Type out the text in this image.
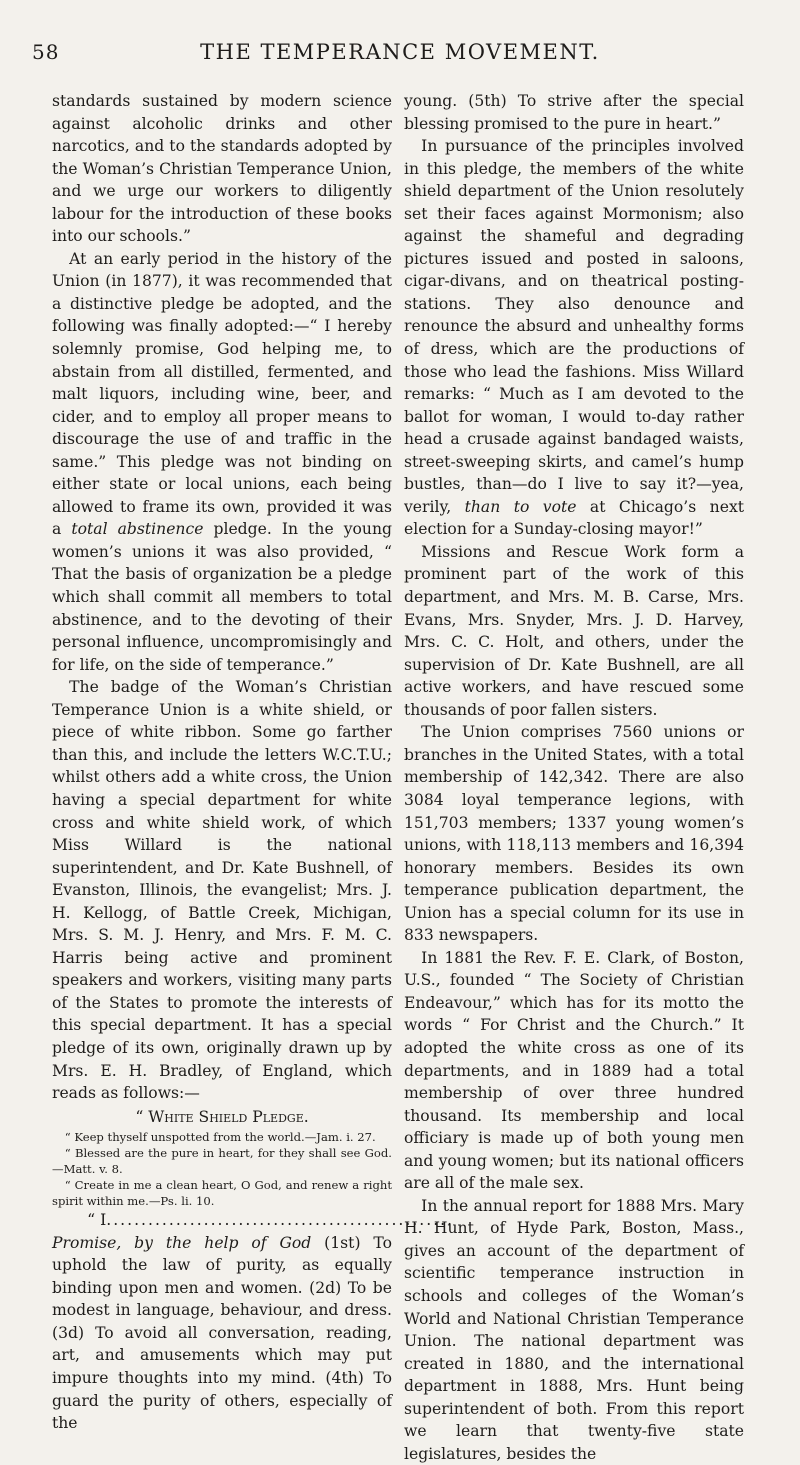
58	THE TEMPERANCE MOVEMENT.

standards sustained by modern science against alcoholic drinks and other narcotics, and to the standards adopted by the Woman’s Christian Temperance Union, and we urge our workers to diligently labour for the introduction of these books into our schools.”

At an early period in the history of the Union (in 1877), it was recommended that a distinctive pledge be adopted, and the following was finally adopted:—“ I hereby solemnly promise, God helping me, to abstain from all distilled, fermented, and malt liquors, including wine, beer, and cider, and to employ all proper means to discourage the use of and traffic in the same.” This pledge was not binding on either state or local unions, each being allowed to frame its own, provided it was a total abstinence pledge. In the young women’s unions it was also provided, “ That the basis of organization be a pledge which shall commit all members to total abstinence, and to the devoting of their personal influence, uncompromisingly and for life, on the side of temperance.”

The badge of the Woman’s Christian Temperance Union is a white shield, or piece of white ribbon. Some go farther than this, and include the letters W.C.T.U.; whilst others add a white cross, the Union having a special department for white cross and white shield work, of which Miss Willard is the national superintendent, and Dr. Kate Bushnell, of Evanston, Illinois, the evangelist; Mrs. J. H. Kellogg, of Battle Creek, Michigan, Mrs. S. M. J. Henry, and Mrs. F. M. C. Harris being active and prominent speakers and workers, visiting many parts of the States to promote the interests of this special department. It has a special pledge of its own, originally drawn up by Mrs. E. H. Bradley, of England, which reads as follows:—

“ White Shield Pledge.

“ Keep thyself unspotted from the world.—Jam. i. 27.

“ Blessed are the pure in heart, for they shall see God. —Matt. v. 8.

“ Create in me a clean heart, O God, and renew a right spirit within me.—Ps. li. 10.

“ I..................................................

Promise, by the help of God (1st) To uphold the law of purity, as equally binding upon men and women. (2d) To be modest in language, behaviour, and dress. (3d) To avoid all conversation, reading, art, and amusements which may put impure thoughts into my mind. (4th) To guard the purity of others, especially of the

young. (5th) To strive after the special blessing promised to the pure in heart.”

In pursuance of the principles involved in this pledge, the members of the white shield department of the Union resolutely set their faces against Mormonism; also against the shameful and degrading pictures issued and posted in saloons, cigar-divans, and on theatrical posting-stations. They also denounce and renounce the absurd and unhealthy forms of dress, which are the productions of those who lead the fashions. Miss Willard remarks: “ Much as I am devoted to the ballot for woman, I would to-day rather head a crusade against bandaged waists, street-sweeping skirts, and camel’s hump bustles, than—do I live to say it?—yea, verily, than to vote at Chicago’s next election for a Sunday-closing mayor!”

Missions and Rescue Work form a prominent part of the work of this department, and Mrs. M. B. Carse, Mrs. Evans, Mrs. Snyder, Mrs. J. D. Harvey, Mrs. C. C. Holt, and others, under the supervision of Dr. Kate Bushnell, are all active workers, and have rescued some thousands of poor fallen sisters.

The Union comprises 7560 unions or branches in the United States, with a total membership of 142,342. There are also 3084 loyal temperance legions, with 151,703 members; 1337 young women’s unions, with 118,113 members and 16,394 honorary members. Besides its own temperance publication department, the Union has a special column for its use in 833 newspapers.

In 1881 the Rev. F. E. Clark, of Boston, U.S., founded “ The Society of Christian Endeavour,” which has for its motto the words “ For Christ and the Church.” It adopted the white cross as one of its departments, and in 1889 had a total membership of over three hundred thousand. Its membership and local officiary is made up of both young men and young women; but its national officers are all of the male sex.

In the annual report for 1888 Mrs. Mary H. Hunt, of Hyde Park, Boston, Mass., gives an account of the department of scientific temperance instruction in schools and colleges of the Woman’s World and National Christian Temperance Union. The national department was created in 1880, and the international department in 1888, Mrs. Hunt being superintendent of both. From this report we learn that twenty-five state legislatures, besides the
